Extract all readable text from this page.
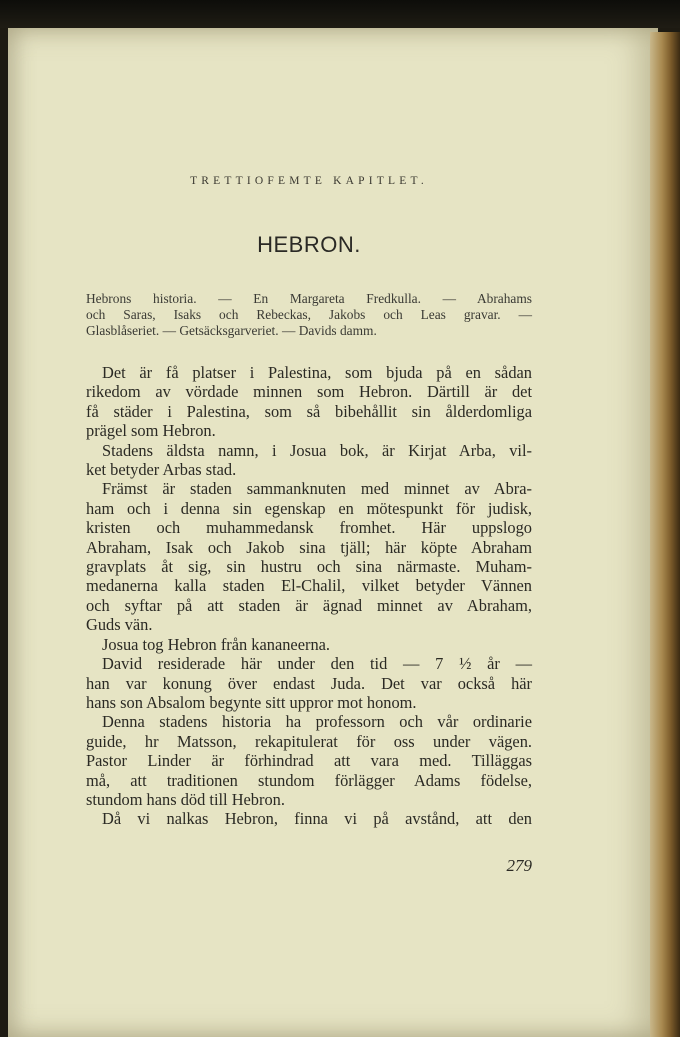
TRETTIOFEMTE KAPITLET.
HEBRON.
Hebrons historia. — En Margareta Fredkulla. — Abrahams
och Saras, Isaks och Rebeckas, Jakobs och Leas gravar. —
Glasblåseriet. — Getsäcksgarveriet. — Davids damm.
Det är få platser i Palestina, som bjuda på en sådan
rikedom av vördade minnen som Hebron. Därtill är det
få städer i Palestina, som så bibehållit sin ålderdomliga
prägel som Hebron.
Stadens äldsta namn, i Josua bok, är Kirjat Arba, vil-
ket betyder Arbas stad.
Främst är staden sammanknuten med minnet av Abra-
ham och i denna sin egenskap en mötespunkt för judisk,
kristen och muhammedansk fromhet. Här uppslogo
Abraham, Isak och Jakob sina tjäll; här köpte Abraham
gravplats åt sig, sin hustru och sina närmaste. Muham-
medanerna kalla staden El-Chalil, vilket betyder Vännen
och syftar på att staden är ägnad minnet av Abraham,
Guds vän.
Josua tog Hebron från kananeerna.
David residerade här under den tid — 7 ½ år —
han var konung över endast Juda. Det var också här
hans son Absalom begynte sitt uppror mot honom.
Denna stadens historia ha professorn och vår ordinarie
guide, hr Matsson, rekapitulerat för oss under vägen.
Pastor Linder är förhindrad att vara med. Tilläggas
må, att traditionen stundom förlägger Adams födelse,
stundom hans död till Hebron.
Då vi nalkas Hebron, finna vi på avstånd, att den
279
